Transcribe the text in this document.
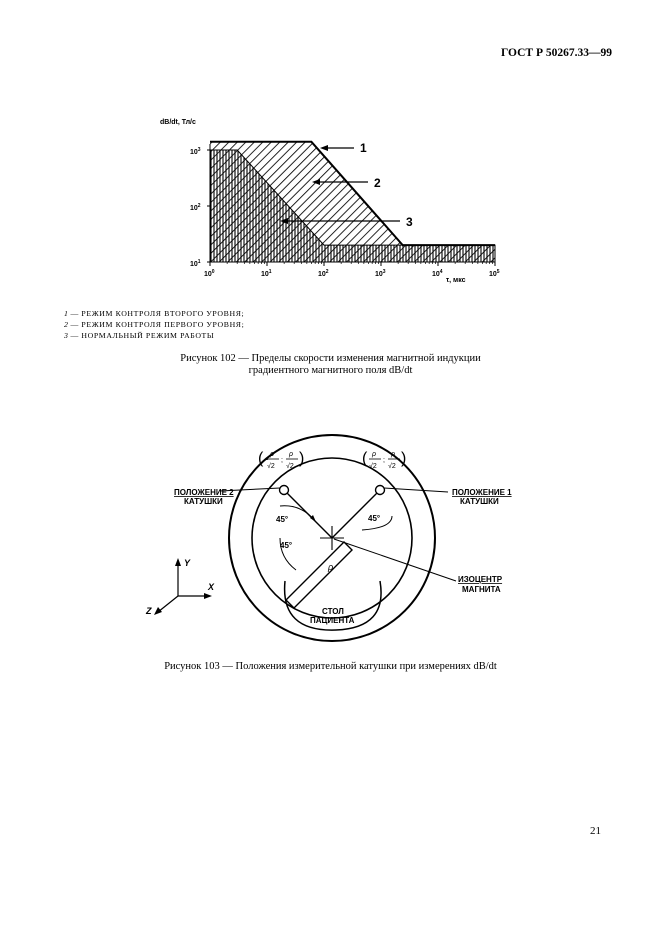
ГОСТ Р 50267.33—99
$10^0$	$10^1$	$10^2$	$10^3$	$10^4$	$10^5$
$10^1$
$10^2$
$10^3$
dB/dt, Тл/с
τ, мкс
1
2
3
1 — РЕЖИМ КОНТРОЛЯ ВТОРОГО УРОВНЯ;
2 — РЕЖИМ КОНТРОЛЯ ПЕРВОГО УРОВНЯ;
3 — НОРМАЛЬНЫЙ РЕЖИМ РАБОТЫ
Рисунок 102 — Пределы скорости изменения магнитной индукции
градиентного магнитного поля dB/dt
ρ
( ρ
√2
− ;
ρ
√2 )	( ρ
√2
;
ρ
√2 )
45°	45°
45°
ПОЛОЖЕНИЕ 2
КАТУШКИ
ПОЛОЖЕНИЕ 1
КАТУШКИ
ИЗОЦЕНТР
МАГНИТА
СТОЛ
ПАЦИЕНТА
Y
X
Z
Рисунок 103 — Положения измерительной катушки при измерениях dB/dt
21
